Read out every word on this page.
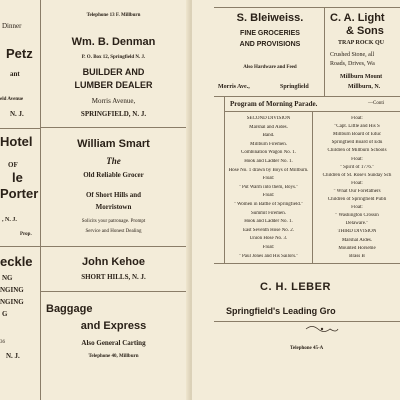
Dinner
Petz
ant
eld Avenue
N. J.
Hotel
OF
le
Porter
, N. J.
Prop.
eckle
NG
NGING
NGING
G
36
N. J.
Telephone 13 F. Millburn
Wm. B. Denman
P. O. Box 12, Springfield N. J.
BUILDER AND
LUMBER DEALER
Morris Avenue,
SPRINGFIELD, N. J.
William Smart
The
Old Reliable Grocer
Of Short Hills and
Morristown
Solicits your patronage. Prompt
Service and Honest Dealing
John Kehoe
SHORT HILLS, N. J.
Baggage
and Express
Also General Carting
Telephone 40, Millburn
S. Bleiweiss.
FINE GROCERIES
AND PROVISIONS
Also Hardware and Feed
Morris Ave.,	Springfield
C. A. Light
& Sons
TRAP ROCK QU
Crushed Stone, all
Roads, Drives, Wa
Millburn Mount
Millburn, N.
Program of Morning Parade.	—Conti
SECOND DIVISION
Marshal and Aides.
Band.
Millburn Firemen.
Combination Wagon No. 1.
Hook and Ladder No. 1.
Hose No. 1 drawn by Boys of Millburn.
Float:
" Put Warm into them, Boys."
Float:
" Women in Battle of Springfield."
Summit Firemen.
Hook and Ladder No. 1.
East Seventh Hose No. 2.
Union Hose No. 3.
Float:
" Paul Jones and His Sailors."
Float:
"Capt. Little and His S
Millburn Board of Educ
Springfield Board of Edu
Children of Millburn Schools
Float:
" Spirit of 1776."
Children of St. Rose's Sunday Sch
Float:
" What Our Forefathers
Children of Springfield Publi
Float:
" Washington Crossin
Delaware."
THIRD DIVISION
Marshal Aides.
Mounted Horseme
Brass B
C. H. LEBER
Springfield's Leading Gro
Telephone 45-A
